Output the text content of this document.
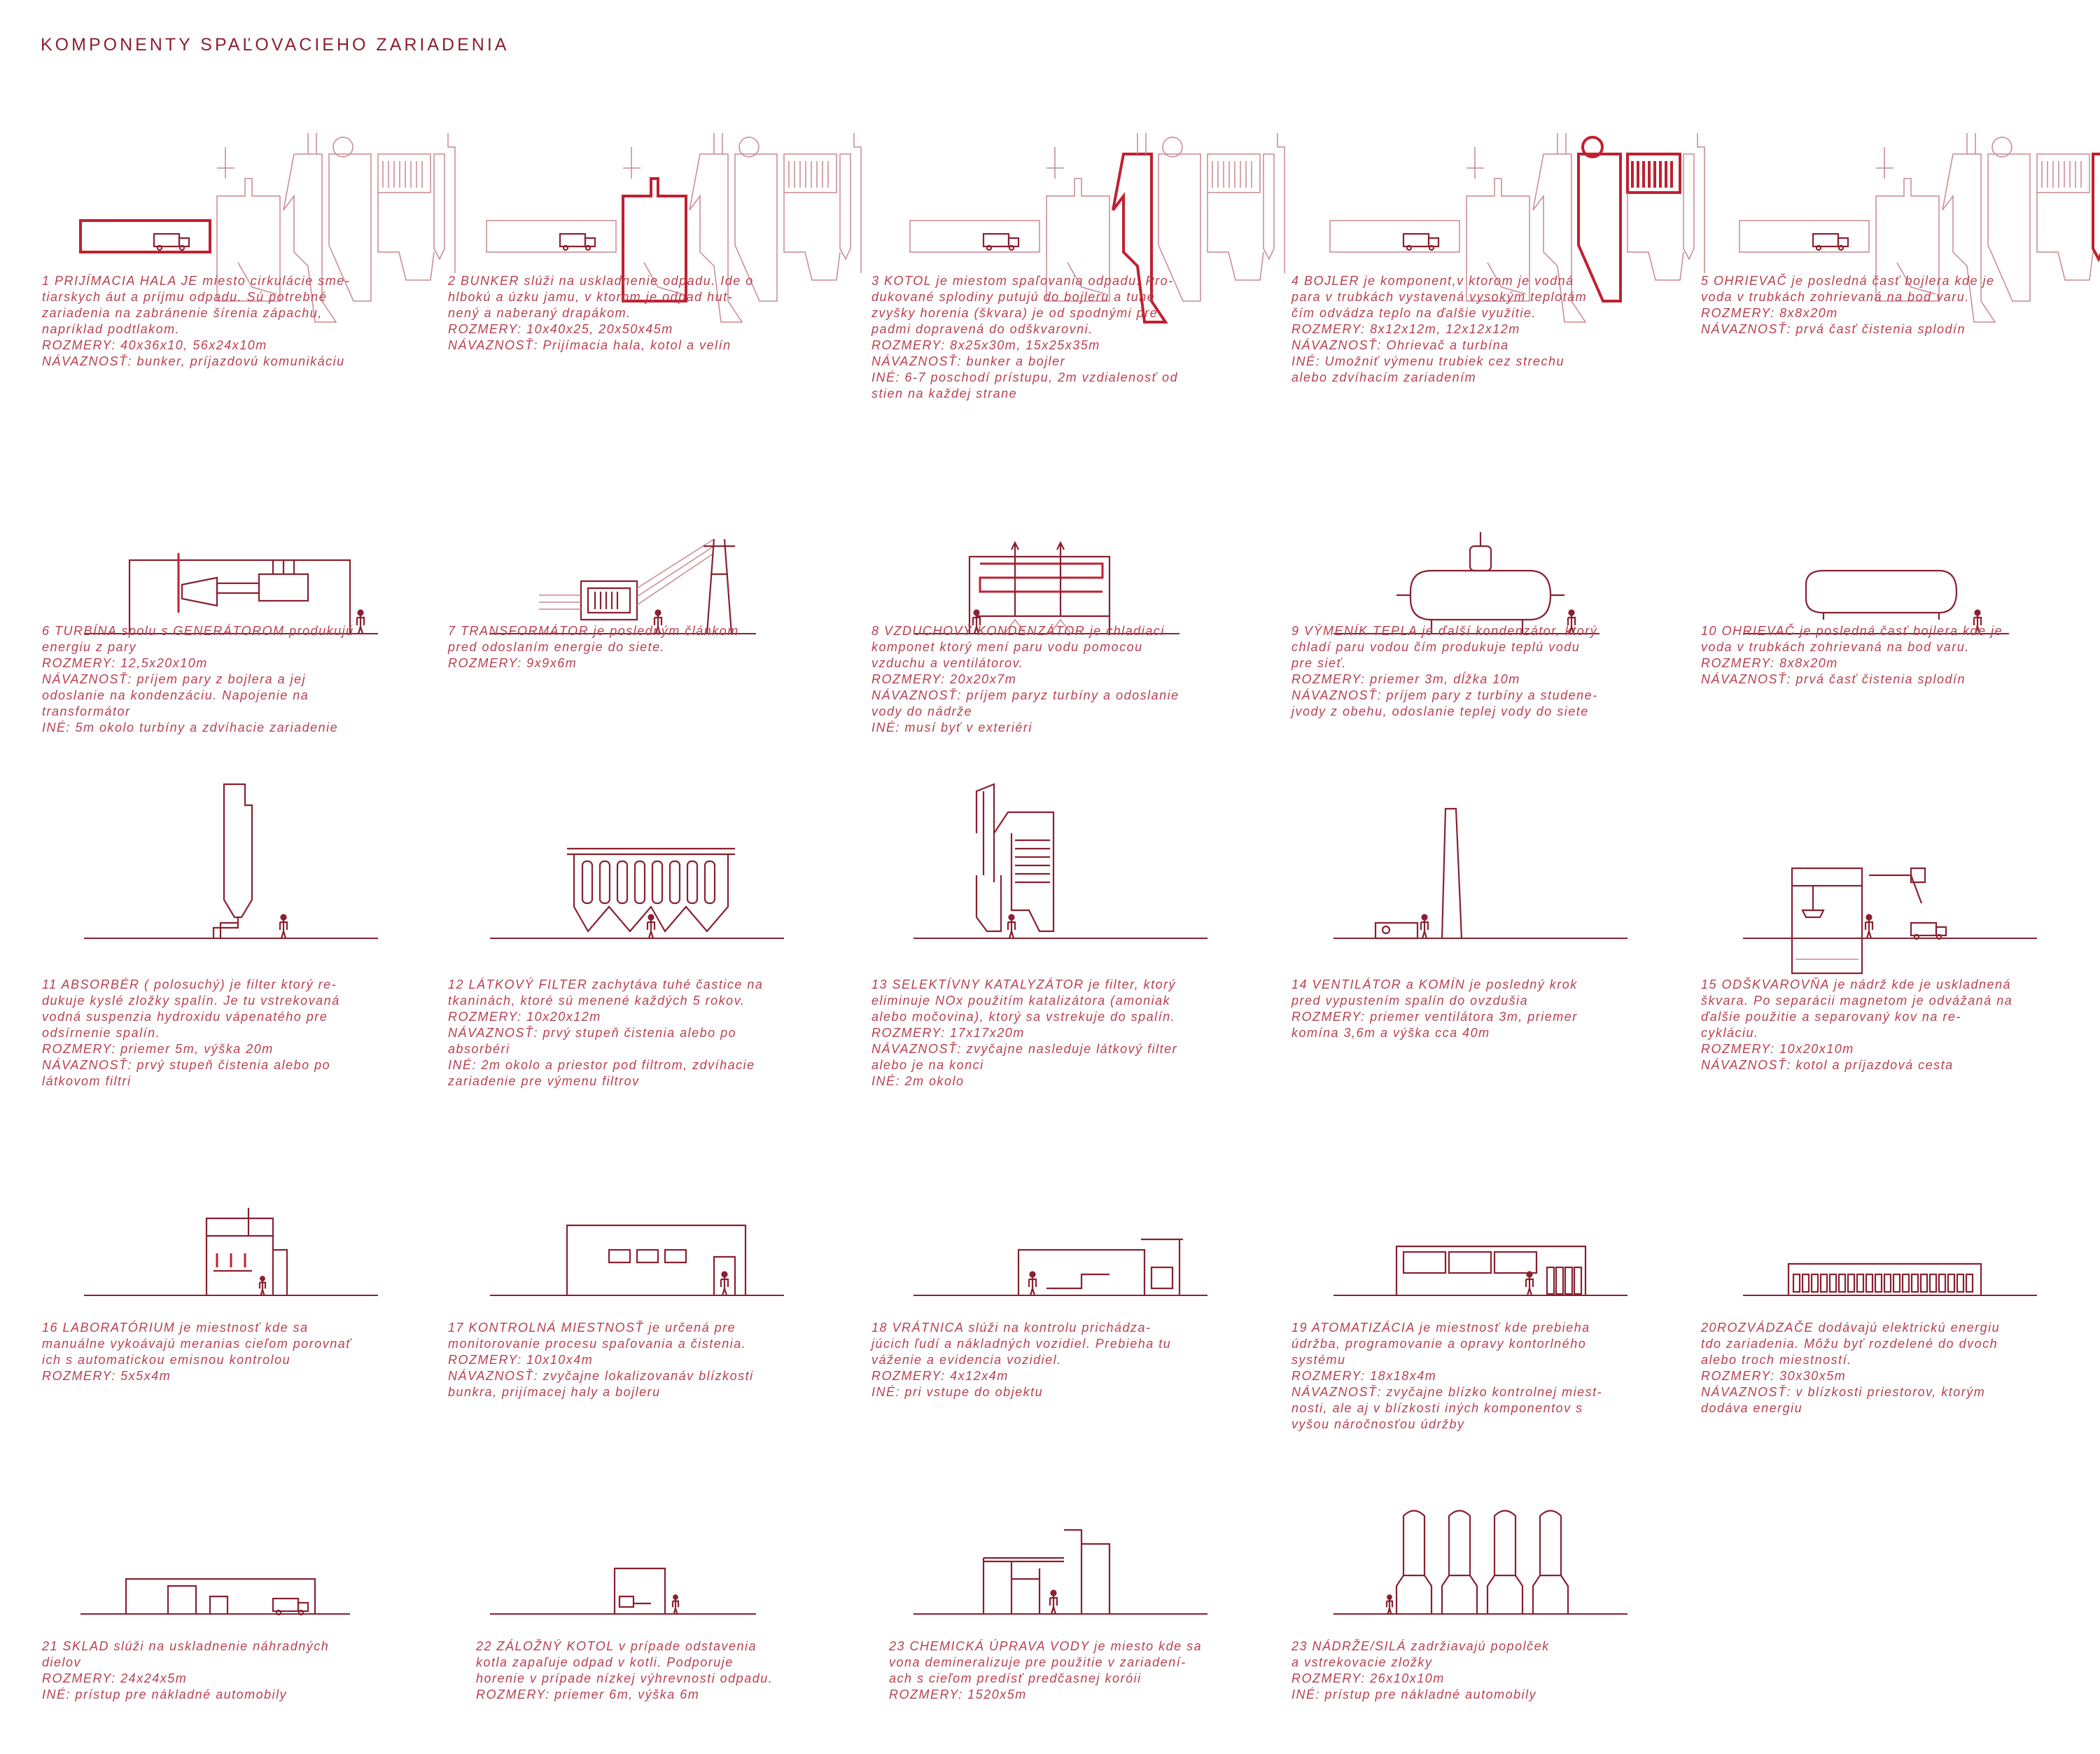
KOMPONENTY SPAĽOVACIEHO ZARIADENIA
1 PRIJÍMACIA HALA JE miesto cirkulácie sme-
tiarskych áut a príjmu odpadu. Sú potrebné
zariadenia na zabránenie šírenia zápachu,
napríklad podtlakom.
ROZMERY: 40x36x10, 56x24x10m
NÁVAZNOSŤ: bunker, príjazdovú komunikáciu
2 BUNKER slúži na uskladnenie odpadu. Ide o
hlbokú a úzku jamu, v ktorom je odpad hut-
nený a naberaný drapákom.
ROZMERY: 10x40x25, 20x50x45m
NÁVAZNOSŤ: Prijímacia hala, kotol a velín
3 KOTOL je miestom spaľovania odpadu. Pro-
dukované splodiny putujú do bojleru a tuhé
zvyšky horenia (škvara) je od spodnými pre-
padmi dopravená do odškvarovni.
ROZMERY: 8x25x30m, 15x25x35m
NÁVAZNOSŤ: bunker a bojler
INÉ: 6-7 poschodí prístupu, 2m vzdialenosť od
stien na každej strane
4 BOJLER je komponent,v ktorom je vodná
para v trubkách vystavená vysokým teplotám
čím odvádza teplo na ďalšie využitie.
ROZMERY: 8x12x12m, 12x12x12m
NÁVAZNOSŤ: Ohrievač a turbína
INÉ: Umožniť výmenu trubiek cez strechu
alebo zdvíhacím zariadením
5 OHRIEVAČ je posledná časť bojlera kde je
voda v trubkách zohrievaná na bod varu.
ROZMERY: 8x8x20m
NÁVAZNOSŤ: prvá časť čistenia splodín
6 TURBÍNA spolu s GENERÁTOROM produkujú
energiu z pary
ROZMERY: 12,5x20x10m
NÁVAZNOSŤ: príjem pary z bojlera a jej
odoslanie na kondenzáciu. Napojenie na
transformátor
INÉ: 5m okolo turbíny a zdvíhacie zariadenie
7 TRANSFORMÁTOR je posledným článkom
pred odoslaním energie do siete.
ROZMERY: 9x9x6m
8 VZDUCHOVÝ KONDENZÁTOR je chladiaci
komponet ktorý mení paru vodu pomocou
vzduchu a ventilátorov.
ROZMERY: 20x20x7m
NÁVAZNOSŤ: príjem paryz turbíny a odoslanie
vody do nádrže
INÉ: musí byť v exteriéri
9 VÝMENÍK TEPLA je ďalší kondenzátor, ktorý
chladí paru vodou čím produkuje teplú vodu
pre sieť.
ROZMERY: priemer 3m, dĺžka 10m
NÁVAZNOSŤ: príjem pary z turbíny a studene-
jvody z obehu, odoslanie teplej vody do siete
10 OHRIEVAČ je posledná časť bojlera kde je
voda v trubkách zohrievaná na bod varu.
ROZMERY: 8x8x20m
NÁVAZNOSŤ: prvá časť čistenia splodín
11 ABSORBÉR ( polosuchý) je filter ktorý re-
dukuje kyslé zložky spalín. Je tu vstrekovaná
vodná suspenzia hydroxidu vápenatého pre
odsírnenie spalín.
ROZMERY: priemer 5m, výška 20m
NÁVAZNOSŤ: prvý stupeň čistenia alebo po
látkovom filtri
12 LÁTKOVÝ FILTER zachytáva tuhé častice na
tkaninách, ktoré sú menené každých 5 rokov.
ROZMERY: 10x20x12m
NÁVAZNOSŤ: prvý stupeň čistenia alebo po
absorbéri
INÉ: 2m okolo a priestor pod filtrom, zdvíhacie
zariadenie pre výmenu filtrov
13 SELEKTÍVNY KATALYZÁTOR je filter, ktorý
eliminuje NOx použitím katalizátora (amoniak
alebo močovina), ktorý sa vstrekuje do spalín.
ROZMERY: 17x17x20m
NÁVAZNOSŤ: zvyčajne nasleduje látkový filter
alebo je na konci
INÉ: 2m okolo
14 VENTILÁTOR a KOMÍN je posledný krok
pred vypustením spalín do ovzdušia
ROZMERY: priemer ventilátora 3m, priemer
komína 3,6m a výška cca 40m
15 ODŠKVAROVŇA je nádrž kde je uskladnená
škvara. Po separácii magnetom je odvážaná na
ďalšie použitie a separovaný kov na re-
cykláciu.
ROZMERY: 10x20x10m
NÁVAZNOSŤ: kotol a príjazdová cesta
16 LABORATÓRIUM je miestnosť kde sa
manuálne vykoávajú meranias cieľom porovnať
ich s automatickou emisnou kontrolou
ROZMERY: 5x5x4m
17 KONTROLNÁ MIESTNOSŤ je určená pre
monitorovanie procesu spaľovania a čistenia.
ROZMERY: 10x10x4m
NÁVAZNOSŤ: zvyčajne lokalizovanáv blízkosti
bunkra, prijímacej haly a bojleru
18 VRÁTNICA slúži na kontrolu prichádza-
júcich ľudí a nákladných vozidiel. Prebieha tu
váženie a evidencia vozidiel.
ROZMERY: 4x12x4m
INÉ: pri vstupe do objektu
19 ATOMATIZÁCIA je miestnosť kde prebieha
údržba, programovanie a opravy kontorlného
systému
ROZMERY: 18x18x4m
NÁVAZNOSŤ: zvyčajne blízko kontrolnej miest-
nosti, ale aj v blízkosti iných komponentov s
vyšou náročnosťou údržby
20ROZVÁDZAČE dodávajú elektrickú energiu
tdo zariadenia. Môžu byť rozdelené do dvoch
alebo troch miestností.
ROZMERY: 30x30x5m
NÁVAZNOSŤ: v blízkosti priestorov, ktorým
dodáva energiu
21 SKLAD slúži na uskladnenie náhradných
dielov
ROZMERY: 24x24x5m
INÉ: prístup pre nákladné automobily
22 ZÁLOŽNÝ KOTOL v prípade odstavenia
kotla zapaľuje odpad v kotli. Podporuje
horenie v prípade nízkej výhrevnosti odpadu.
ROZMERY: priemer 6m, výška 6m
23 CHEMICKÁ ÚPRAVA VODY je miesto kde sa
vona demineralizuje pre použitie v zariadení-
ach s cieľom predísť predčasnej koróii
ROZMERY: 1520x5m
23 NÁDRŽE/SILÁ zadržiavajú popolček
a vstrekovacie zložky
ROZMERY: 26x10x10m
INÉ: prístup pre nákladné automobily
